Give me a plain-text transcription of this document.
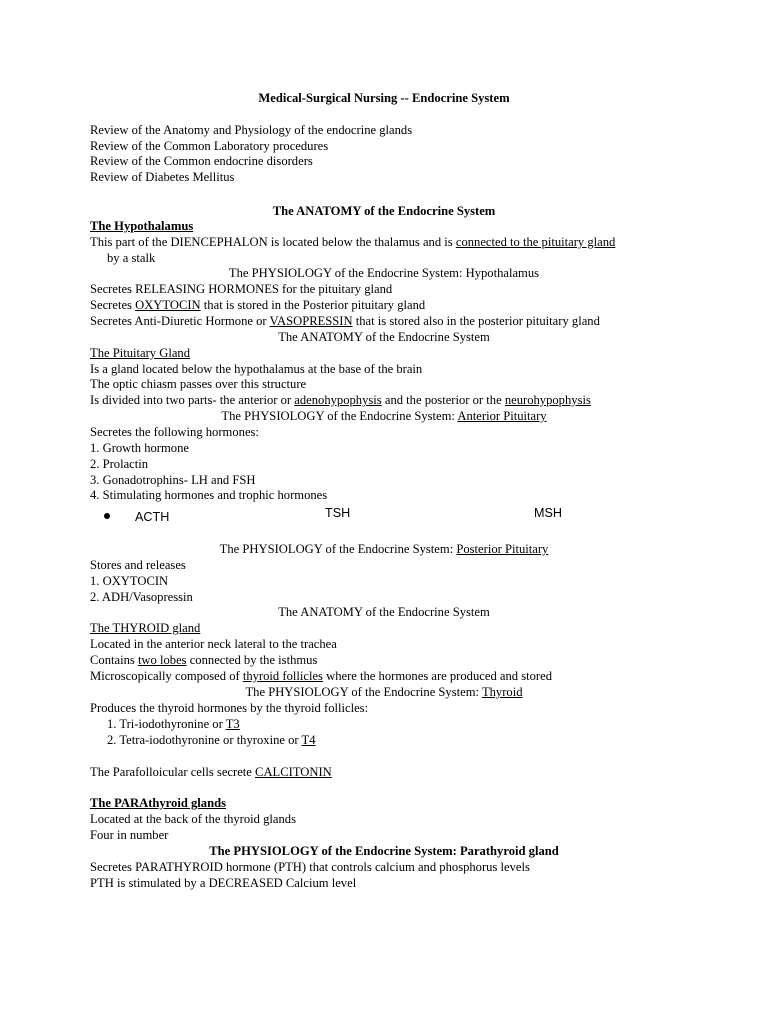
Medical-Surgical Nursing -- Endocrine System
Review of the Anatomy and Physiology of the endocrine glands
Review of the Common Laboratory procedures
Review of the Common endocrine disorders
Review of Diabetes Mellitus
The ANATOMY of the Endocrine System
The Hypothalamus
This part of the DIENCEPHALON is located below the thalamus and is connected to the pituitary gland
by a stalk
The PHYSIOLOGY of the Endocrine System: Hypothalamus
Secretes RELEASING HORMONES for the pituitary gland
Secretes OXYTOCIN that is stored in the Posterior pituitary gland
Secretes Anti-Diuretic Hormone or VASOPRESSIN that is stored also in the posterior pituitary gland
The ANATOMY of the Endocrine System
The Pituitary Gland
Is a gland located below the hypothalamus at the base of the brain
The optic chiasm passes over this structure
Is divided into two parts- the anterior or adenohypophysis and the posterior or the neurohypophysis
The PHYSIOLOGY of the Endocrine System: Anterior Pituitary
Secretes the following hormones:
1. Growth hormone
2. Prolactin
3. Gonadotrophins- LH and FSH
4. Stimulating hormones and trophic hormones
ACTH	TSH	MSH
The PHYSIOLOGY of the Endocrine System: Posterior Pituitary
Stores and releases
1. OXYTOCIN
2. ADH/Vasopressin
The ANATOMY of the Endocrine System
The THYROID gland
Located in the anterior neck lateral to the trachea
Contains two lobes connected by the isthmus
Microscopically composed of thyroid follicles where the hormones are produced and stored
The PHYSIOLOGY of the Endocrine System: Thyroid
Produces the thyroid hormones by the thyroid follicles:
1. Tri-iodothyronine or T3
2. Tetra-iodothyronine or thyroxine or T4
The Parafolloicular cells secrete CALCITONIN
The PARAthyroid glands
Located at the back of the thyroid glands
Four in number
The PHYSIOLOGY of the Endocrine System: Parathyroid gland
Secretes PARATHYROID hormone (PTH) that controls calcium and phosphorus levels
PTH is stimulated by a DECREASED Calcium level
